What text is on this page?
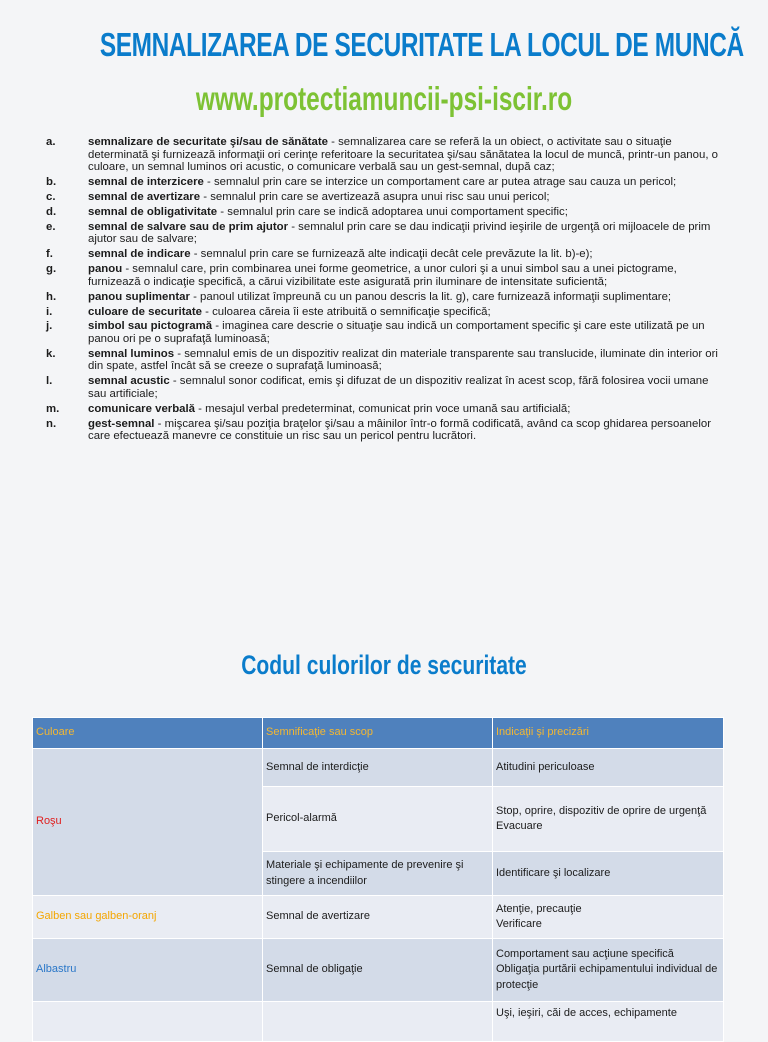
SEMNALIZAREA DE SECURITATE LA LOCUL DE MUNCĂ
www.protectiamuncii-psi-iscir.ro
a.	semnalizare de securitate şi/sau de sănătate - semnalizarea care se referă la un obiect, o activitate sau o situaţie determinată şi furnizează informaţii ori cerinţe referitoare la securitatea şi/sau sănătatea la locul de muncă, printr-un panou, o culoare, un semnal luminos ori acustic, o comunicare verbală sau un gest-semnal, după caz;
b.	semnal de interzicere - semnalul prin care se interzice un comportament care ar putea atrage sau cauza un pericol;
c.	semnal de avertizare - semnalul prin care se avertizează asupra unui risc sau unui pericol;
d.	semnal de obligativitate - semnalul prin care se indică adoptarea unui comportament specific;
e.	semnal de salvare sau de prim ajutor - semnalul prin care se dau indicaţii privind ieşirile de urgenţă ori mijloacele de prim ajutor sau de salvare;
f.	semnal de indicare - semnalul prin care se furnizează alte indicaţii decât cele prevăzute la lit. b)-e);
g.	panou - semnalul care, prin combinarea unei forme geometrice, a unor culori şi a unui simbol sau a unei pictograme, furnizează o indicaţie specifică, a cărui vizibilitate este asigurată prin iluminare de intensitate suficientă;
h.	panou suplimentar - panoul utilizat împreună cu un panou descris la lit. g), care furnizează informaţii suplimentare;
i.	culoare de securitate - culoarea căreia îi este atribuită o semnificaţie specifică;
j.	simbol sau pictogramă - imaginea care descrie o situaţie sau indică un comportament specific şi care este utilizată pe un panou ori pe o suprafaţă luminoasă;
k.	semnal luminos - semnalul emis de un dispozitiv realizat din materiale transparente sau translucide, iluminate din interior ori din spate, astfel încât să se creeze o suprafaţă luminoasă;
l.	semnal acustic - semnalul sonor codificat, emis şi difuzat de un dispozitiv realizat în acest scop, fără folosirea vocii umane sau artificiale;
m.	comunicare verbală - mesajul verbal predeterminat, comunicat prin voce umană sau artificială;
n.	gest-semnal - mişcarea şi/sau poziţia braţelor şi/sau a mâinilor într-o formă codificată, având ca scop ghidarea persoanelor care efectuează manevre ce constituie un risc sau un pericol pentru lucrători.
Codul culorilor de securitate
Culoare	Semnificaţie sau scop	Indicaţii şi precizări
Roşu	Semnal de interdicţie	Atitudini periculoase
	Pericol-alarmă	Stop, oprire, dispozitiv de oprire de urgenţă
Evacuare

	Materiale şi echipamente de prevenire şi stingere a incendiilor	Identificare şi localizare
Galben sau galben-oranj	Semnal de avertizare	Atenţie, precauţie
Verificare

Albastru	Semnal de obligaţie	Comportament sau acţiune specifică
Obligaţia purtării echipamentului individual de protecţie

		Uşi, ieşiri, căi de acces, echipamente
